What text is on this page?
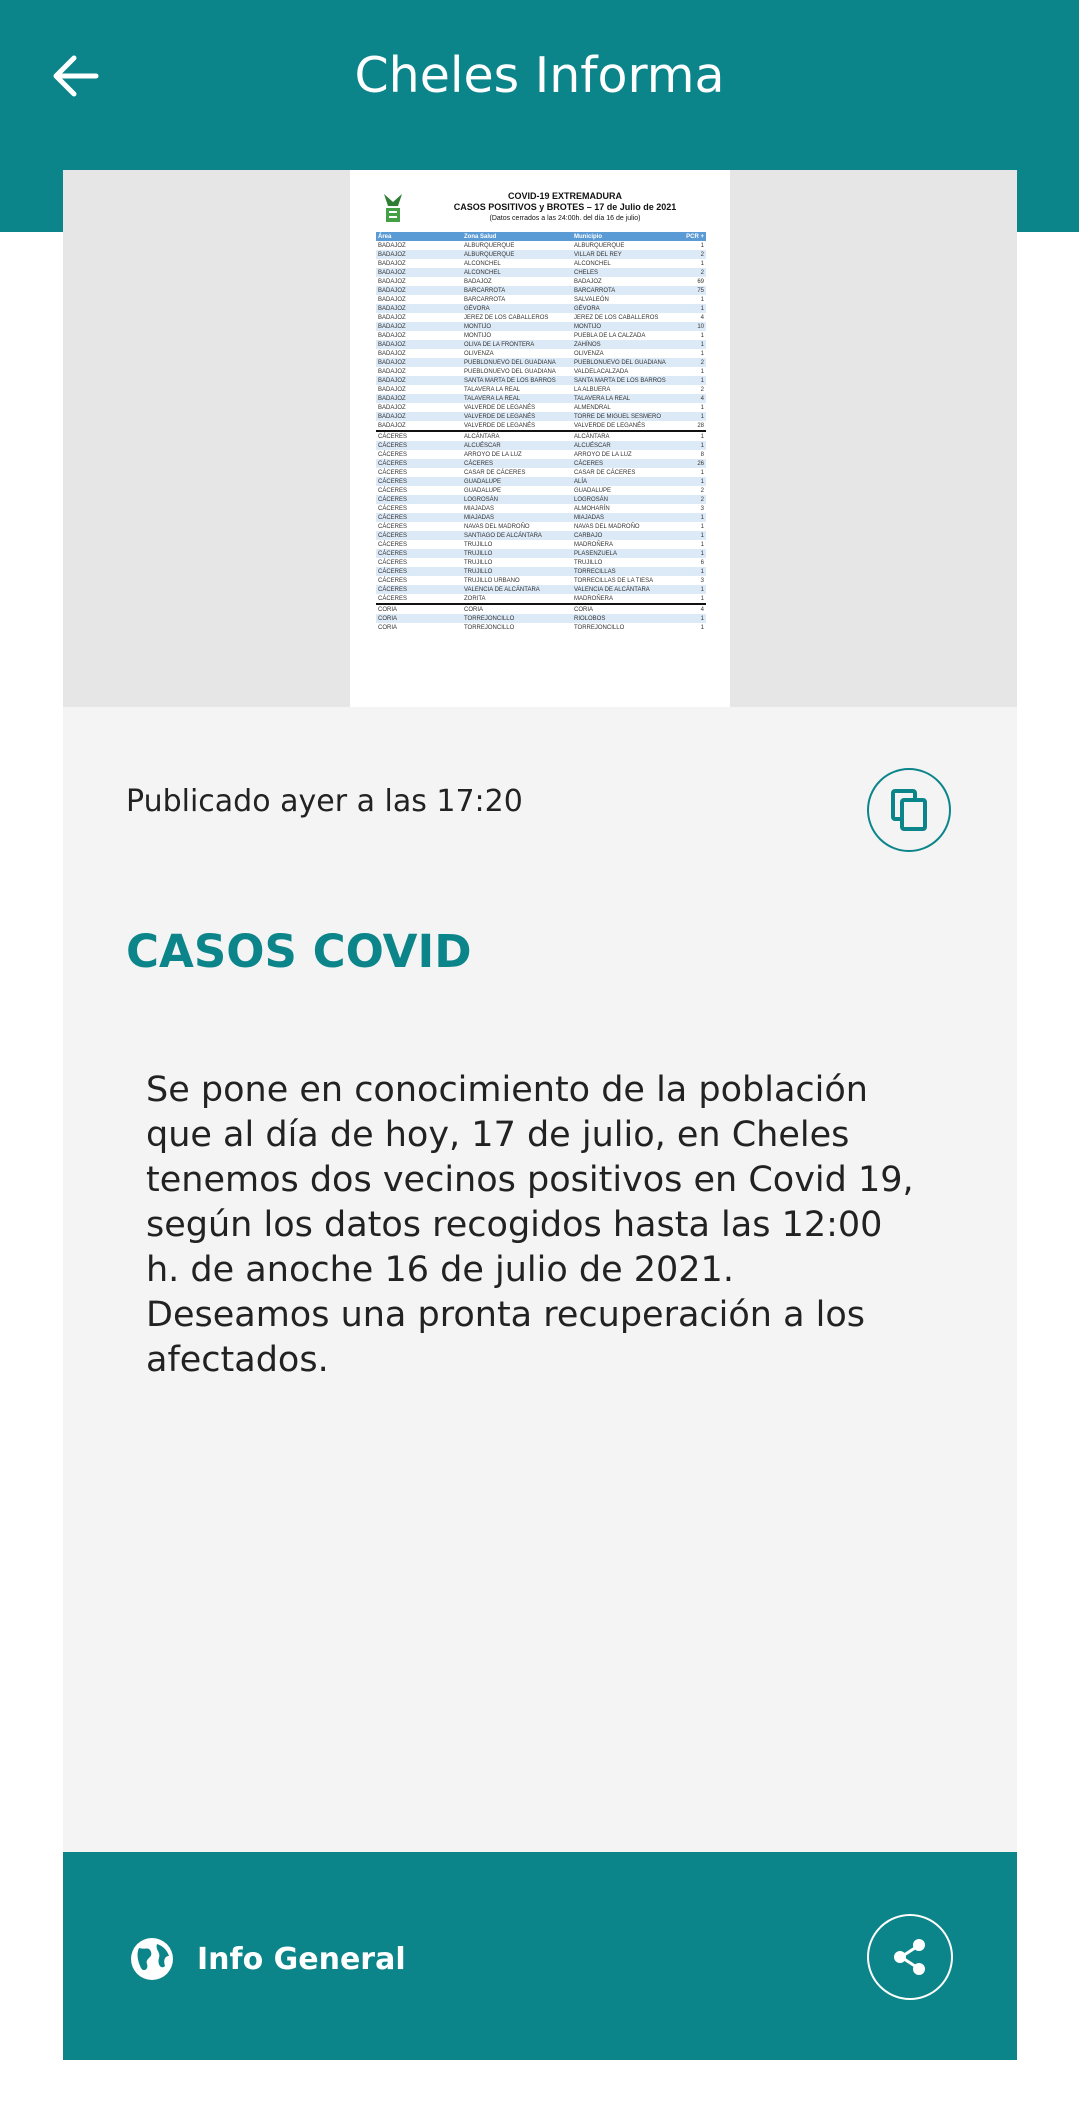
Cheles Informa
COVID-19 EXTREMADURA
CASOS POSITIVOS y BROTES – 17 de Julio de 2021
(Datos cerrados a las 24:00h. del día 16 de julio)
Área	Zona Salud	Municipio	PCR +
BADAJOZ	ALBURQUERQUE	ALBURQUERQUE	1
BADAJOZ	ALBURQUERQUE	VILLAR DEL REY	2
BADAJOZ	ALCONCHEL	ALCONCHEL	1
BADAJOZ	ALCONCHEL	CHELES	2
BADAJOZ	BADAJOZ	BADAJOZ	69
BADAJOZ	BARCARROTA	BARCARROTA	75
BADAJOZ	BARCARROTA	SALVALEÓN	1
BADAJOZ	GÉVORA	GÉVORA	1
BADAJOZ	JEREZ DE LOS CABALLEROS	JEREZ DE LOS CABALLEROS	4
BADAJOZ	MONTIJO	MONTIJO	10
BADAJOZ	MONTIJO	PUEBLA DE LA CALZADA	1
BADAJOZ	OLIVA DE LA FRONTERA	ZAHÍNOS	1
BADAJOZ	OLIVENZA	OLIVENZA	1
BADAJOZ	PUEBLONUEVO DEL GUADIANA	PUEBLONUEVO DEL GUADIANA	2
BADAJOZ	PUEBLONUEVO DEL GUADIANA	VALDELACALZADA	1
BADAJOZ	SANTA MARTA DE LOS BARROS	SANTA MARTA DE LOS BARROS	1
BADAJOZ	TALAVERA LA REAL	LA ALBUERA	2
BADAJOZ	TALAVERA LA REAL	TALAVERA LA REAL	4
BADAJOZ	VALVERDE DE LEGANÉS	ALMENDRAL	1
BADAJOZ	VALVERDE DE LEGANÉS	TORRE DE MIGUEL SESMERO	1
BADAJOZ	VALVERDE DE LEGANÉS	VALVERDE DE LEGANÉS	28
CÁCERES	ALCÁNTARA	ALCÁNTARA	1
CÁCERES	ALCUÉSCAR	ALCUÉSCAR	1
CÁCERES	ARROYO DE LA LUZ	ARROYO DE LA LUZ	8
CÁCERES	CÁCERES	CÁCERES	26
CÁCERES	CASAR DE CÁCERES	CASAR DE CÁCERES	1
CÁCERES	GUADALUPE	ALÍA	1
CÁCERES	GUADALUPE	GUADALUPE	2
CÁCERES	LOGROSÁN	LOGROSÁN	2
CÁCERES	MIAJADAS	ALMOHARÍN	3
CÁCERES	MIAJADAS	MIAJADAS	1
CÁCERES	NAVAS DEL MADROÑO	NAVAS DEL MADROÑO	1
CÁCERES	SANTIAGO DE ALCÁNTARA	CARBAJO	1
CÁCERES	TRUJILLO	MADROÑERA	1
CÁCERES	TRUJILLO	PLASENZUELA	1
CÁCERES	TRUJILLO	TRUJILLO	6
CÁCERES	TRUJILLO	TORRECILLAS	1
CÁCERES	TRUJILLO URBANO	TORRECILLAS DE LA TIESA	3
CÁCERES	VALENCIA DE ALCÁNTARA	VALENCIA DE ALCÁNTARA	1
CÁCERES	ZORITA	MADROÑERA	1
CORIA	CORIA	CORIA	4
CORIA	TORREJONCILLO	RIOLOBOS	1
CORIA	TORREJONCILLO	TORREJONCILLO	1
Publicado ayer a las 17:20
CASOS COVID
Se pone en conocimiento de la población
que al día de hoy, 17 de julio, en Cheles
tenemos dos vecinos positivos en Covid 19,
según los datos recogidos hasta las 12:00
h. de anoche 16 de julio de 2021.
Deseamos una pronta recuperación a los
afectados.
Info General
